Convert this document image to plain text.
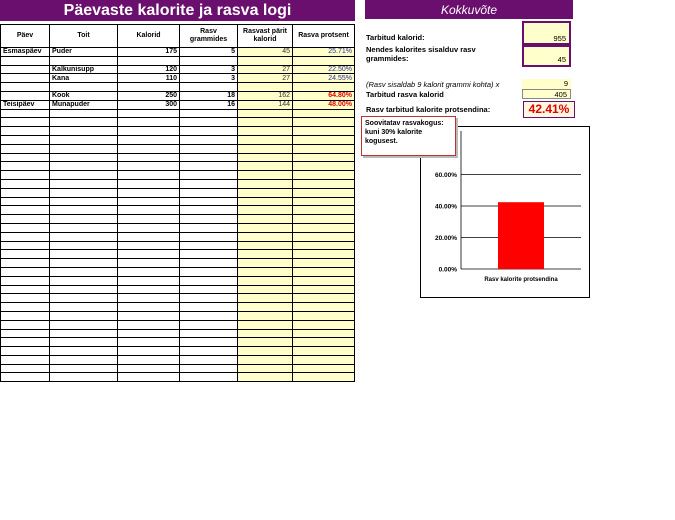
Päevaste kalorite ja rasva logi
Päev	Toit	Kalorid	Rasv grammides	Rasvast pärit kalorid	Rasva protsent
Esmaspäev	Puder	175	5	45	25.71%

	Kalkunisupp	120	3	27	22.50%
	Kana	110	3	27	24.55%

	Kook	250	18	162	64.80%
Teisipäev	Munapuder	300	16	144	48.00%

Kokkuvõte
Tarbitud kalorid:	955
Nendes kalorites sisalduv rasv grammides:	45
(Rasv sisaldab 9 kalorit grammi kohta) x	9
Tarbitud rasva kalorid	405
Rasv tarbitud kalorite protsendina:	42.41%
0.00%
20.00%
40.00%
60.00%
Rasv kalorite protsendina
Soovitatav rasvakogus: kuni 30% kalorite kogusest.
